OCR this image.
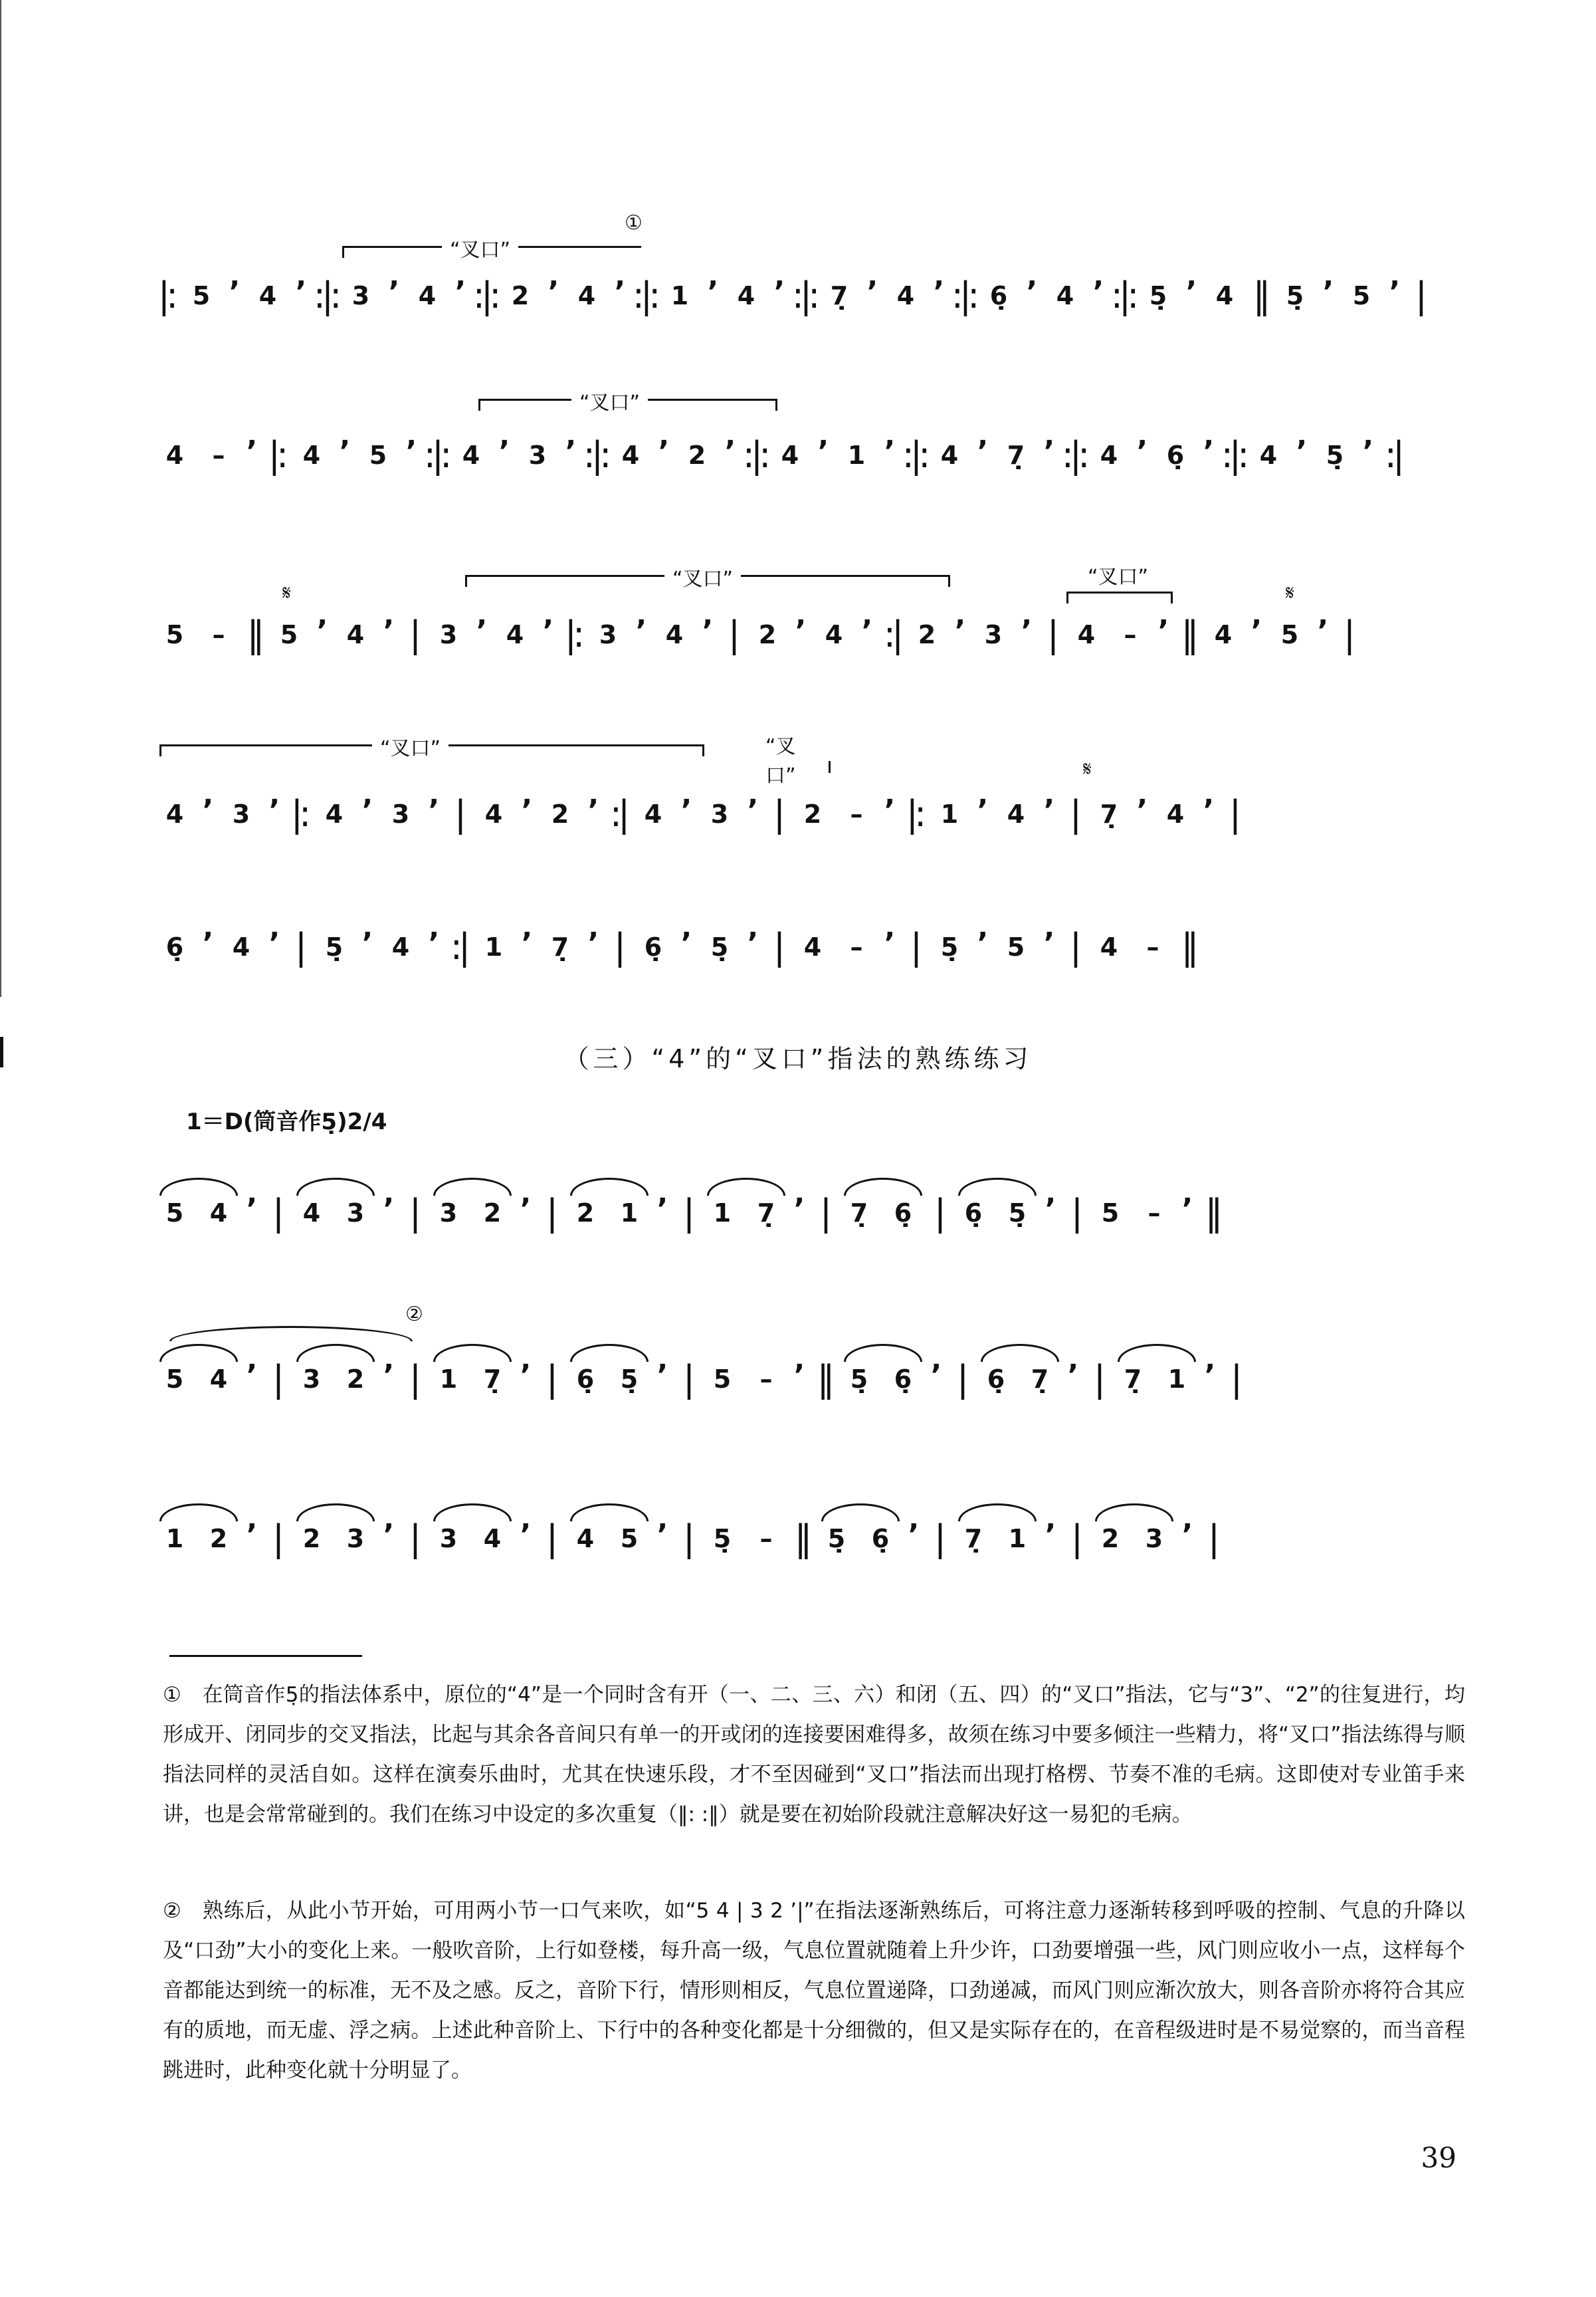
“叉口”
①
|: 5 ’ 4 ’ :|: 3 ’ 4 ’ :|: 2 ’ 4 ’ :|: 1 ’ 4 ’ :|: 7̣ ’ 4 ’ :|: 6̣ ’ 4 ’ :|: 5̣ ’ 4 ‖ 5̣ ’ 5 ’ |
“叉口”
4	– ’ |: 4 ’ 5 ’ :|: 4 ’ 3 ’ :|: 4 ’ 2 ’ :|: 4 ’ 1 ’ :|: 4 ’ 7̣ ’ :|: 4 ’ 6̣ ’ :|: 4 ’ 5̣ ’ :|
“叉口”	“叉口”
𝄋	𝄋
5	– ‖ 5 ’ 4 ’ | 3 ’ 4 ’ |: 3 ’ 4 ’ | 2 ’ 4 ’ :| 2 ’ 3 ’ | 4	– ’ ‖ 4 ’ 5 ’ |
“叉口”	“叉口”	𝄋
4 ’ 3 ’ |: 4 ’ 3 ’ | 4 ’ 2 ’ :| 4 ’ 3 ’ | 2	– ’ |: 1 ’ 4 ’ | 7̣ ’ 4 ’ |
6̣ ’ 4 ’ | 5̣ ’ 4 ’ :| 1 ’ 7̣ ’ | 6̣ ’ 5̣ ’ | 4	– ’ | 5̣ ’ 5 ’ | 4	– ‖
（三）“4”的“叉口”指法的熟练练习
1＝D(筒音作5̣)2/4
5	4 ’ | 4	3 ’ | 3	2 ’ | 2	1 ’ | 1	7̣ ’ | 7̣	6̣ | 6̣	5̣ ’ | 5	– ’ ‖
②
5	4 ’ | 3	2 ’ | 1	7̣ ’ | 6̣	5̣ ’ | 5	– ’ ‖ 5̣	6̣ ’ | 6̣	7̣ ’ | 7̣	1 ’ |
1	2 ’ | 2	3 ’ | 3	4 ’ | 4	5 ’ | 5̣	– ‖ 5̣	6̣ ’ | 7̣	1 ’ | 2	3 ’ |

①　在筒音作5̣的指法体系中，原位的“4”是一个同时含有开（一、二、三、六）和闭（五、四）的“叉口”指法，它与“3”、“2”的往复进行，均形成开、闭同步的交叉指法，比起与其余各音间只有单一的开或闭的连接要困难得多，故须在练习中要多倾注一些精力，将“叉口”指法练得与顺指法同样的灵活自如。这样在演奏乐曲时，尤其在快速乐段，才不至因碰到“叉口”指法而出现打格楞、节奏不准的毛病。这即使对专业笛手来讲，也是会常常碰到的。我们在练习中设定的多次重复（‖: :‖）就是要在初始阶段就注意解决好这一易犯的毛病。

②　熟练后，从此小节开始，可用两小节一口气来吹，如“5 4 | 3 2 ’|”在指法逐渐熟练后，可将注意力逐渐转移到呼吸的控制、气息的升降以及“口劲”大小的变化上来。一般吹音阶，上行如登楼，每升高一级，气息位置就随着上升少许，口劲要增强一些，风门则应收小一点，这样每个音都能达到统一的标准，无不及之感。反之，音阶下行，情形则相反，气息位置递降，口劲递减，而风门则应渐次放大，则各音阶亦将符合其应有的质地，而无虚、浮之病。上述此种音阶上、下行中的各种变化都是十分细微的，但又是实际存在的，在音程级进时是不易觉察的，而当音程跳进时，此种变化就十分明显了。

39
